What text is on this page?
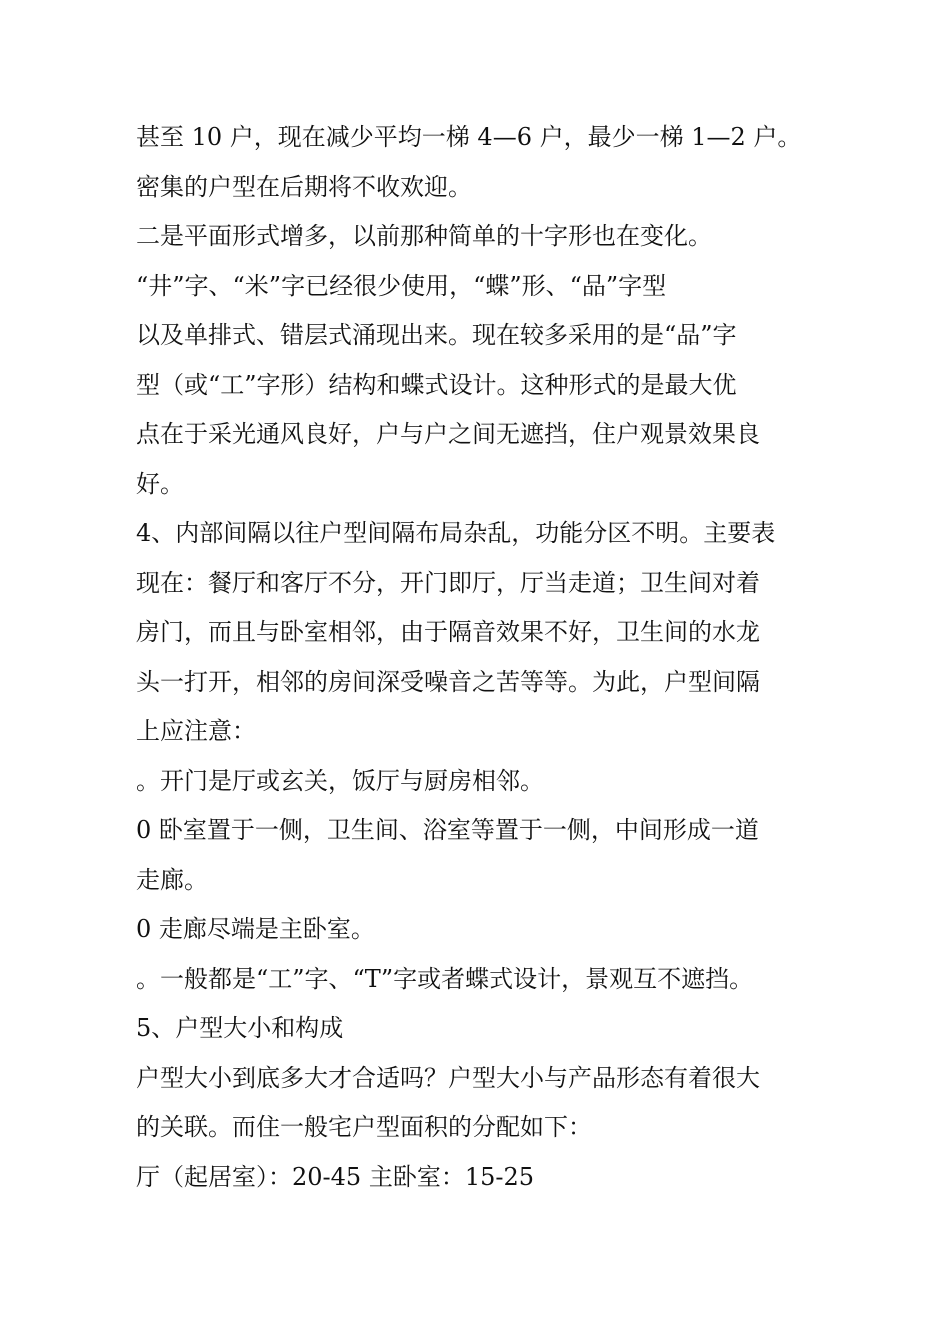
甚至 10 户，现在减少平均一梯 4—6 户，最少一梯 1—2 户。
密集的户型在后期将不收欢迎。
二是平面形式增多，以前那种简单的十字形也在变化。
“井”字、“米”字已经很少使用，“蝶”形、“品”字型
以及单排式、错层式涌现出来。现在较多采用的是“品”字
型（或“工”字形）结构和蝶式设计。这种形式的是最大优
点在于采光通风良好，户与户之间无遮挡，住户观景效果良
好。
4、内部间隔以往户型间隔布局杂乱，功能分区不明。主要表
现在：餐厅和客厅不分，开门即厅，厅当走道；卫生间对着
房门，而且与卧室相邻，由于隔音效果不好，卫生间的水龙
头一打开，相邻的房间深受噪音之苦等等。为此，户型间隔
上应注意：
。开门是厅或玄关，饭厅与厨房相邻。
0 卧室置于一侧，卫生间、浴室等置于一侧，中间形成一道
走廊。
0 走廊尽端是主卧室。
。一般都是“工”字、“T”字或者蝶式设计，景观互不遮挡。
5、户型大小和构成
户型大小到底多大才合适吗？户型大小与产品形态有着很大
的关联。而住一般宅户型面积的分配如下：
厅（起居室）：20-45 主卧室：15-25
